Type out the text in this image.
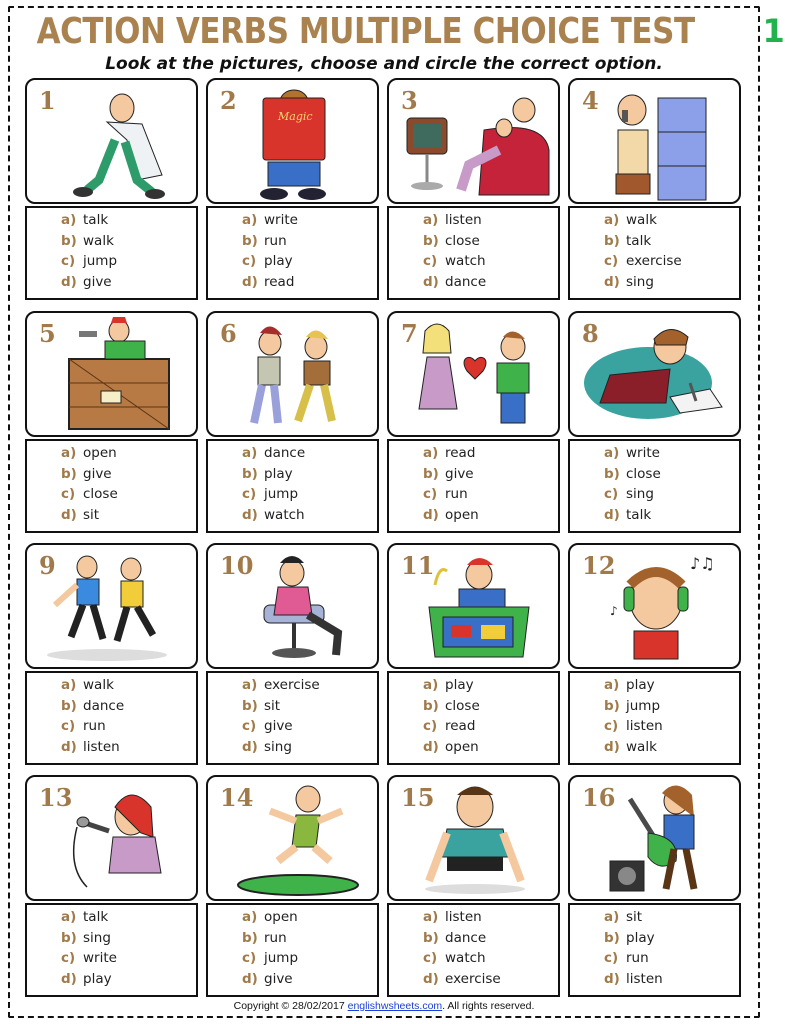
ACTION VERBS MULTIPLE CHOICE TEST 1
Look at the pictures, choose and circle the correct option.
1
a) talk
b) walk
c) jump
d) give
Magic
2
a) write
b) run
c) play
d) read
3
a) listen
b) close
c) watch
d) dance
4
a) walk
b) talk
c) exercise
d) sing
5
a) open
b) give
c) close
d) sit
6
a) dance
b) play
c) jump
d) watch
7
a) read
b) give
c) run
d) open
8
a) write
b) close
c) sing
d) talk
9
a) walk
b) dance
c) run
d) listen
10
a) exercise
b) sit
c) give
d) sing
11
a) play
b) close
c) read
d) open
♪♫
♪
12
a) play
b) jump
c) listen
d) walk
13
a) talk
b) sing
c) write
d) play
14
a) open
b) run
c) jump
d) give
15
a) listen
b) dance
c) watch
d) exercise
16
a) sit
b) play
c) run
d) listen
Copyright © 28/02/2017 englishwsheets.com. All rights reserved.
